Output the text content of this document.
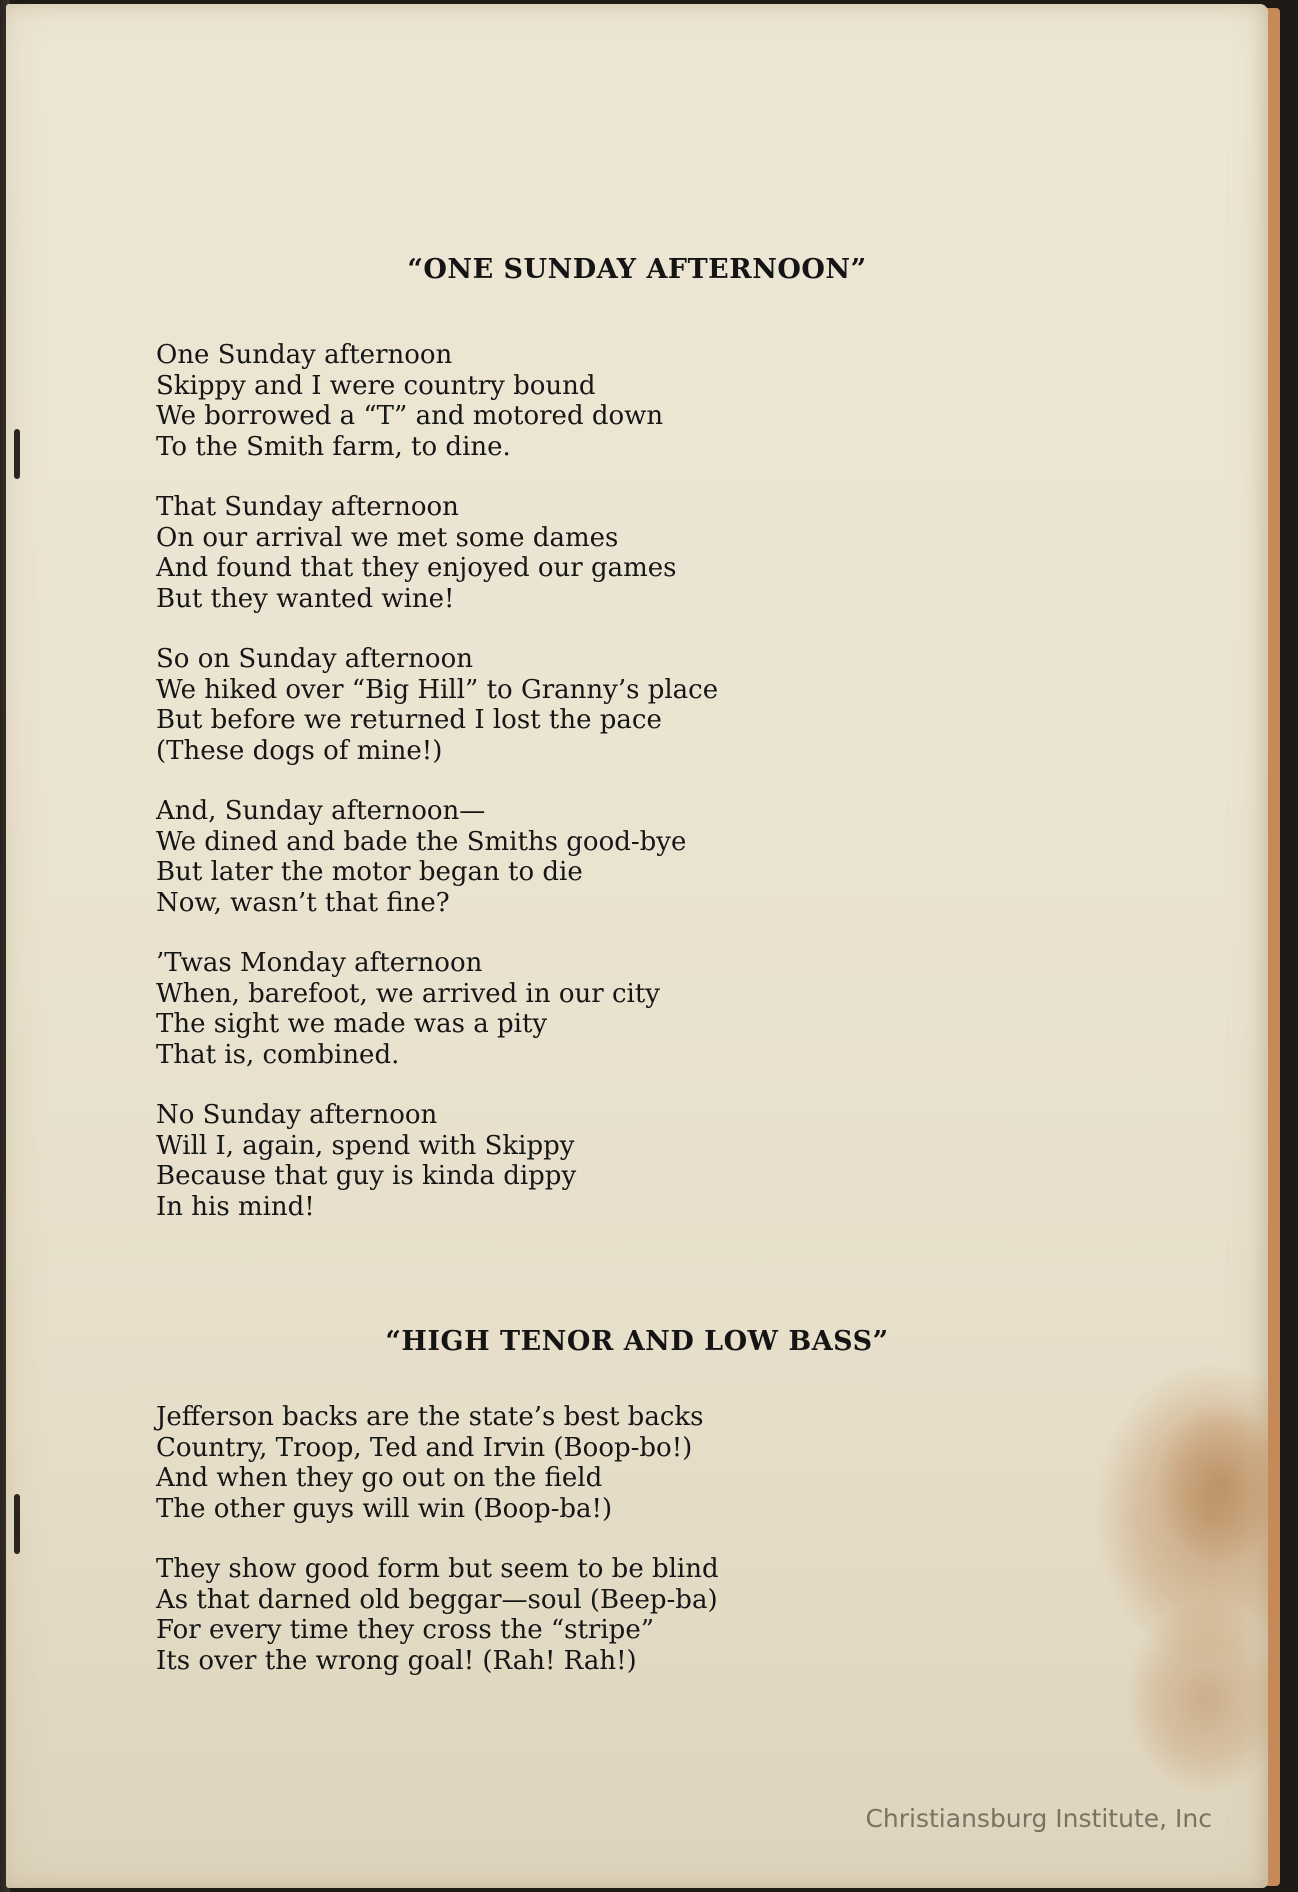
“ONE SUNDAY AFTERNOON”
One Sunday afternoon
Skippy and I were country bound
We borrowed a “T” and motored down
To the Smith farm, to dine.
That Sunday afternoon
On our arrival we met some dames
And found that they enjoyed our games
But they wanted wine!
So on Sunday afternoon
We hiked over “Big Hill” to Granny’s place
But before we returned I lost the pace
(These dogs of mine!)
And, Sunday afternoon—
We dined and bade the Smiths good-bye
But later the motor began to die
Now, wasn’t that fine?
’Twas Monday afternoon
When, barefoot, we arrived in our city
The sight we made was a pity
That is, combined.
No Sunday afternoon
Will I, again, spend with Skippy
Because that guy is kinda dippy
In his mind!
“HIGH TENOR AND LOW BASS”
Jefferson backs are the state’s best backs
Country, Troop, Ted and Irvin (Boop-bo!)
And when they go out on the field
The other guys will win (Boop-ba!)
They show good form but seem to be blind
As that darned old beggar—soul (Beep-ba)
For every time they cross the “stripe”
Its over the wrong goal! (Rah! Rah!)
Christiansburg Institute, Inc
